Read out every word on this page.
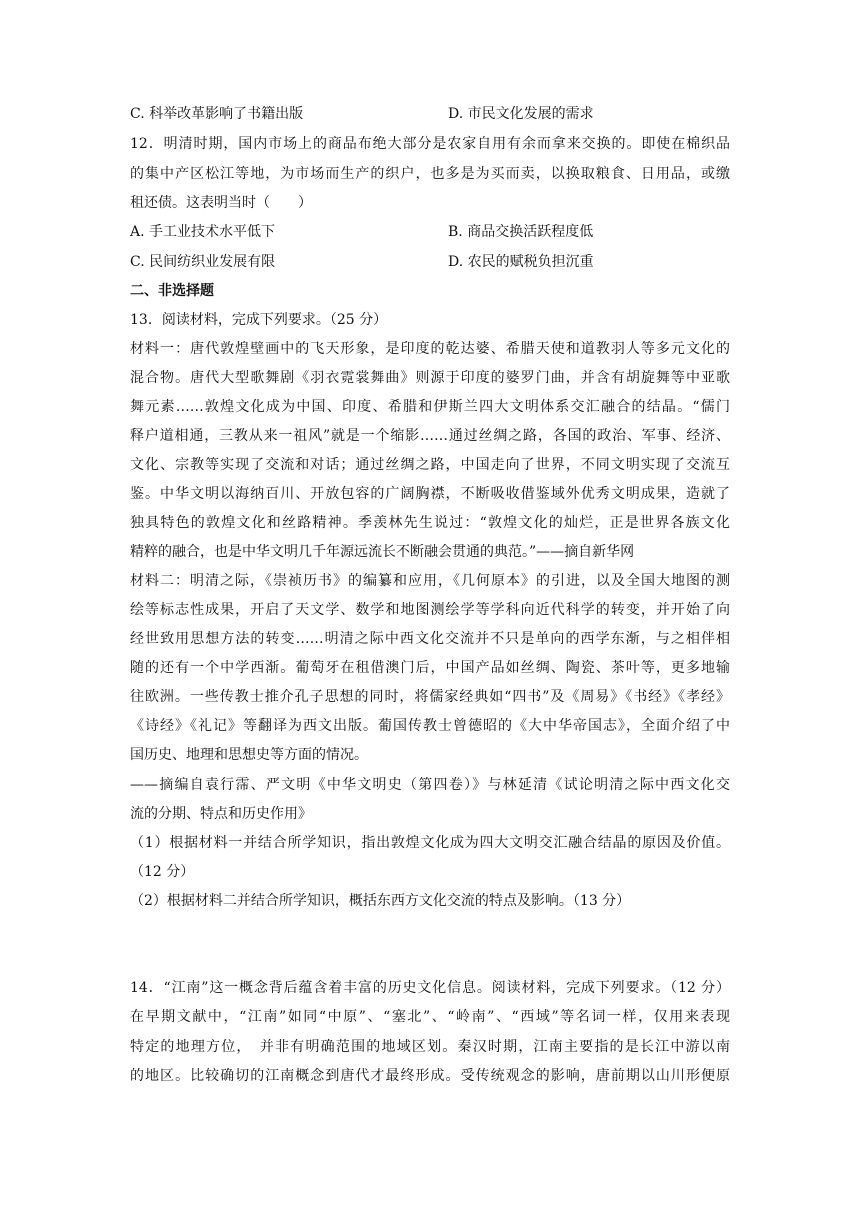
C. 科举改革影响了书籍出版	D. 市民文化发展的需求
12．明清时期，国内市场上的商品布绝大部分是农家自用有余而拿来交换的。即使在棉织品
的集中产区松江等地，为市场而生产的织户，也多是为买而卖，以换取粮食、日用品，或缴
租还债。这表明当时（　　）
A. 手工业技术水平低下	B. 商品交换活跃程度低
C. 民间纺织业发展有限	D. 农民的赋税负担沉重
二、非选择题
13．阅读材料，完成下列要求。（25 分）
材料一：唐代敦煌壁画中的飞天形象，是印度的乾达婆、希腊天使和道教羽人等多元文化的
混合物。唐代大型歌舞剧《羽衣霓裳舞曲》则源于印度的婆罗门曲，并含有胡旋舞等中亚歌
舞元素……敦煌文化成为中国、印度、希腊和伊斯兰四大文明体系交汇融合的结晶。“儒门
释户道相通，三教从来一祖风”就是一个缩影……通过丝绸之路，各国的政治、军事、经济、
文化、宗教等实现了交流和对话；通过丝绸之路，中国走向了世界，不同文明实现了交流互
鉴。中华文明以海纳百川、开放包容的广阔胸襟，不断吸收借鉴域外优秀文明成果，造就了
独具特色的敦煌文化和丝路精神。季羡林先生说过：“敦煌文化的灿烂，正是世界各族文化
精粹的融合，也是中华文明几千年源远流长不断融会贯通的典范。”——摘自新华网
材料二：明清之际，《崇祯历书》的编纂和应用，《几何原本》的引进，以及全国大地图的测
绘等标志性成果，开启了天文学、数学和地图测绘学等学科向近代科学的转变，并开始了向
经世致用思想方法的转变……明清之际中西文化交流并不只是单向的西学东渐，与之相伴相
随的还有一个中学西渐。葡萄牙在租借澳门后，中国产品如丝绸、陶瓷、茶叶等，更多地输
往欧洲。一些传教士推介孔子思想的同时，将儒家经典如“四书”及《周易》《书经》《孝经》
《诗经》《礼记》等翻译为西文出版。葡国传教士曾德昭的《大中华帝国志》，全面介绍了中
国历史、地理和思想史等方面的情况。
——摘编自袁行霈、严文明《中华文明史（第四卷）》与林延清《试论明清之际中西文化交
流的分期、特点和历史作用》
（1）根据材料一并结合所学知识，指出敦煌文化成为四大文明交汇融合结晶的原因及价值。
（12 分）
（2）根据材料二并结合所学知识，概括东西方文化交流的特点及影响。（13 分）
14．“江南”这一概念背后蕴含着丰富的历史文化信息。阅读材料，完成下列要求。（12 分）
在早期文献中，“江南”如同“中原”、“塞北”、“岭南”、“西域”等名词一样，仅用来表现
特定的地理方位，　并非有明确范围的地域区划。秦汉时期，江南主要指的是长江中游以南
的地区。比较确切的江南概念到唐代才最终形成。受传统观念的影响，唐前期以山川形便原
